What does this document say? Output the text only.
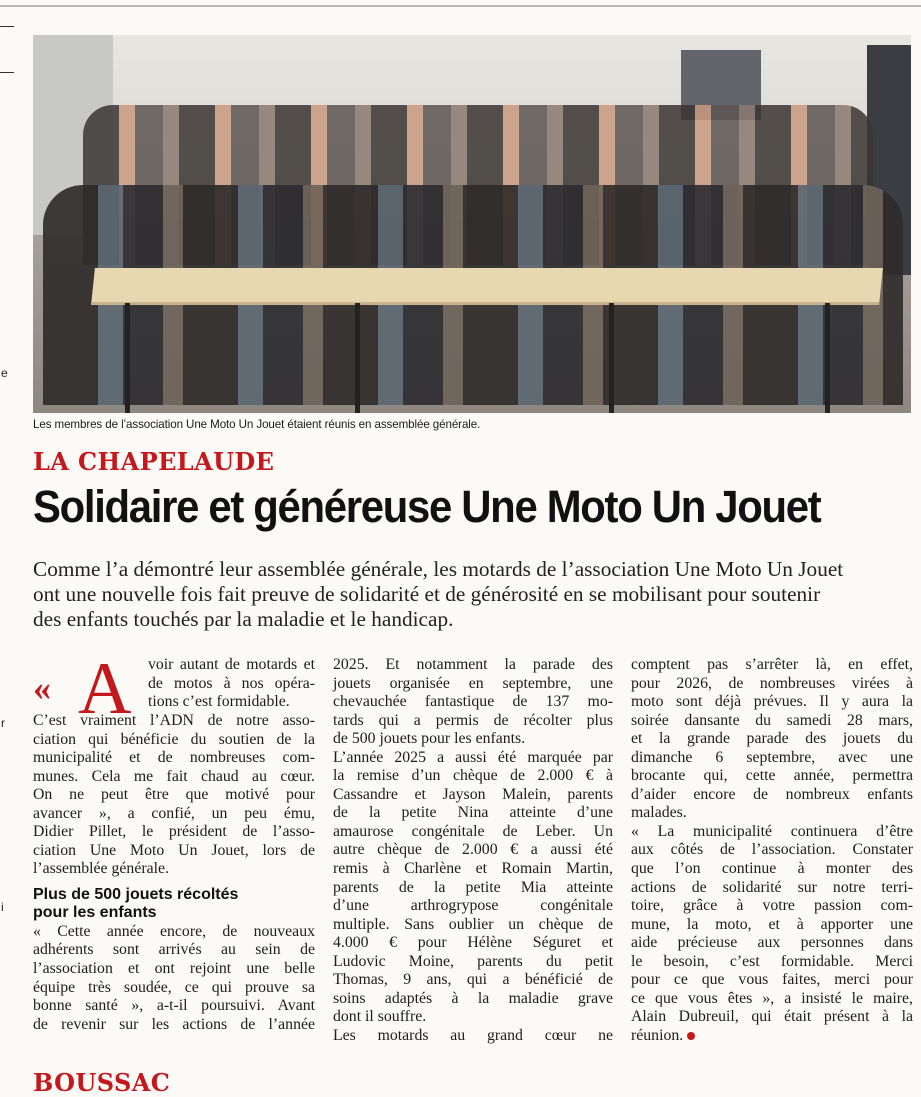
e
r
i
Les membres de l’association Une Moto Un Jouet étaient réunis en assemblée générale.
LA CHAPELAUDE
Solidaire et généreuse Une Moto Un Jouet
Comme l’a démontré leur assemblée générale, les motards de l’association Une Moto Un Jouet
ont une nouvelle fois fait preuve de solidarité et de générosité en se mobilisant pour soutenir
des enfants touchés par la maladie et le handicap.
« A voir autant de motards et
de motos à nos opéra-
tions c’est formidable.
C’est vraiment l’ADN de notre asso-
ciation qui bénéficie du soutien de la
municipalité et de nombreuses com-
munes. Cela me fait chaud au cœur.
On ne peut être que motivé pour
avancer », a confié, un peu ému,
Didier Pillet, le président de l’asso-
ciation Une Moto Un Jouet, lors de
l’assemblée générale.
Plus de 500 jouets récoltés
pour les enfants
« Cette année encore, de nouveaux
adhérents sont arrivés au sein de
l’association et ont rejoint une belle
équipe très soudée, ce qui prouve sa
bonne santé », a-t-il poursuivi. Avant
de revenir sur les actions de l’année
2025. Et notamment la parade des
jouets organisée en septembre, une
chevauchée fantastique de 137 mo-
tards qui a permis de récolter plus
de 500 jouets pour les enfants.
L’année 2025 a aussi été marquée par
la remise d’un chèque de 2.000 € à
Cassandre et Jayson Malein, parents
de la petite Nina atteinte d’une
amaurose congénitale de Leber. Un
autre chèque de 2.000 € a aussi été
remis à Charlène et Romain Martin,
parents de la petite Mia atteinte
d’une arthrogrypose congénitale
multiple. Sans oublier un chèque de
4.000 € pour Hélène Séguret et
Ludovic Moine, parents du petit
Thomas, 9 ans, qui a bénéficié de
soins adaptés à la maladie grave
dont il souffre.
Les motards au grand cœur ne
comptent pas s’arrêter là, en effet,
pour 2026, de nombreuses virées à
moto sont déjà prévues. Il y aura la
soirée dansante du samedi 28 mars,
et la grande parade des jouets du
dimanche 6 septembre, avec une
brocante qui, cette année, permettra
d’aider encore de nombreux enfants
malades.
« La municipalité continuera d’être
aux côtés de l’association. Constater
que l’on continue à monter des
actions de solidarité sur notre terri-
toire, grâce à votre passion com-
mune, la moto, et à apporter une
aide précieuse aux personnes dans
le besoin, c’est formidable. Merci
pour ce que vous faites, merci pour
ce que vous êtes », a insisté le maire,
Alain Dubreuil, qui était présent à la
réunion.
BOUSSAC
